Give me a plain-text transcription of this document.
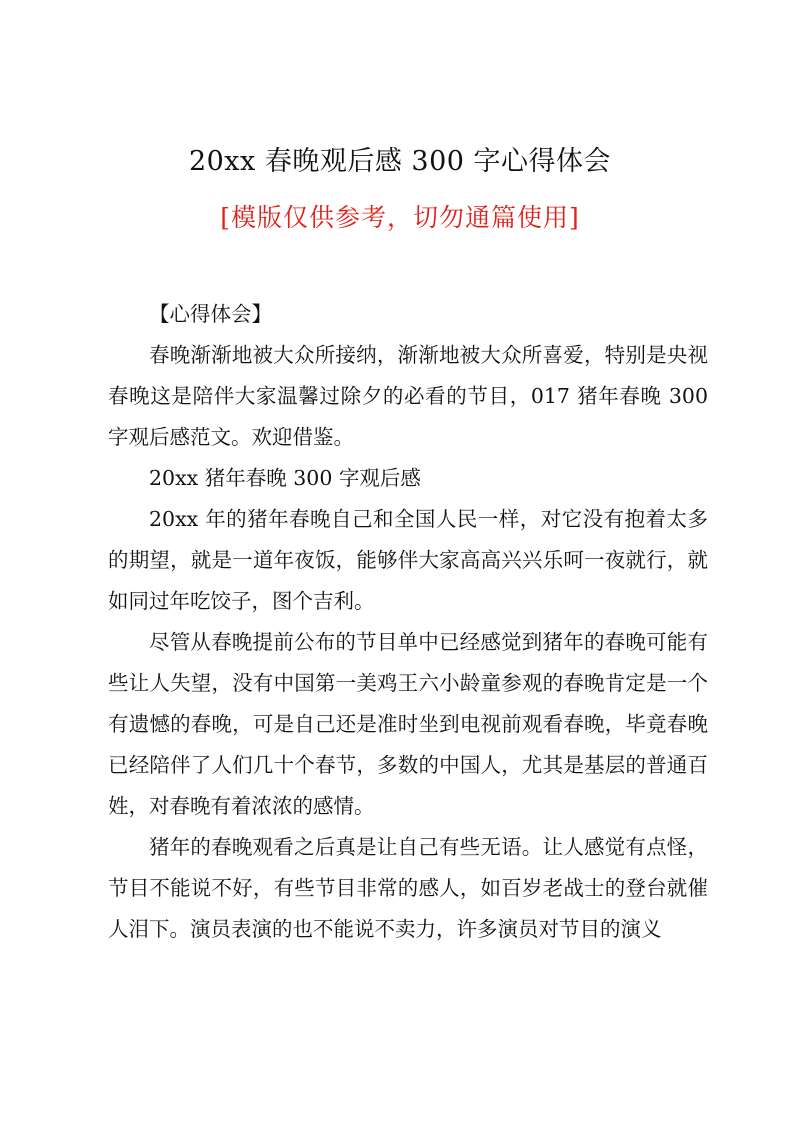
20xx 春晚观后感 300 字心得体会
[模版仅供参考，切勿通篇使用]

【心得体会】

春晚渐渐地被大众所接纳，渐渐地被大众所喜爱，特别是央视春晚这是陪伴大家温馨过除夕的必看的节目，017 猪年春晚 300 字观后感范文。欢迎借鉴。

20xx 猪年春晚 300 字观后感

20xx 年的猪年春晚自己和全国人民一样，对它没有抱着太多的期望，就是一道年夜饭，能够伴大家高高兴兴乐呵一夜就行，就如同过年吃饺子，图个吉利。

尽管从春晚提前公布的节目单中已经感觉到猪年的春晚可能有些让人失望，没有中国第一美鸡王六小龄童参观的春晚肯定是一个有遗憾的春晚，可是自己还是准时坐到电视前观看春晚，毕竟春晚已经陪伴了人们几十个春节，多数的中国人，尤其是基层的普通百姓，对春晚有着浓浓的感情。

猪年的春晚观看之后真是让自己有些无语。让人感觉有点怪，节目不能说不好，有些节目非常的感人，如百岁老战士的登台就催人泪下。演员表演的也不能说不卖力，许多演员对节目的演义
